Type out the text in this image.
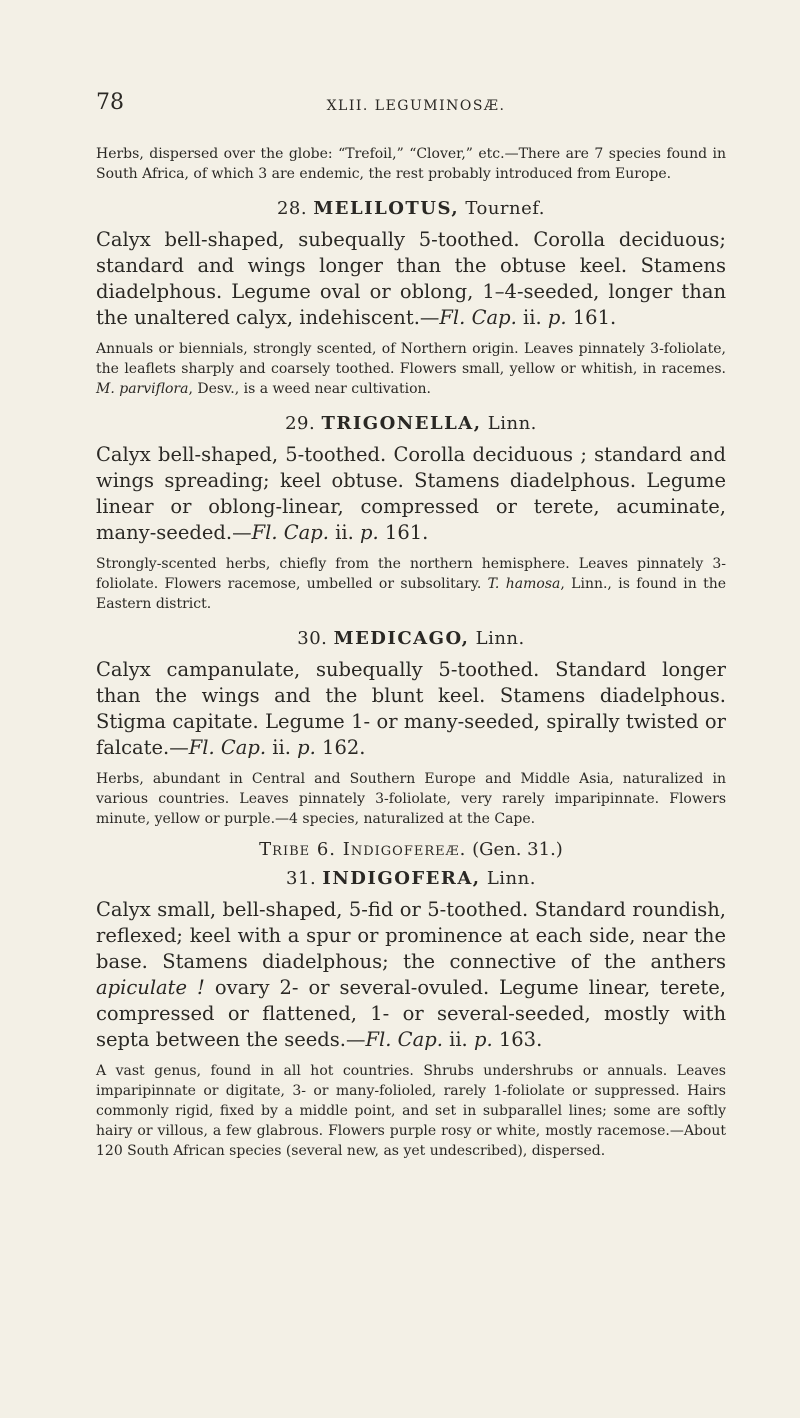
78	XLII. LEGUMINOSÆ.

Herbs, dispersed over the globe: “Trefoil,” “Clover,” etc.—There are 7 species found in South Africa, of which 3 are endemic, the rest probably introduced from Europe.

28. MELILOTUS, Tournef.

Calyx bell-shaped, subequally 5-toothed. Corolla deciduous; standard and wings longer than the obtuse keel. Stamens diadelphous. Legume oval or oblong, 1–4-seeded, longer than the unaltered calyx, indehiscent.—Fl. Cap. ii. p. 161.

Annuals or biennials, strongly scented, of Northern origin. Leaves pinnately 3-foliolate, the leaflets sharply and coarsely toothed. Flowers small, yellow or whitish, in racemes. M. parviflora, Desv., is a weed near cultivation.

29. TRIGONELLA, Linn.

Calyx bell-shaped, 5-toothed. Corolla deciduous ; standard and wings spreading; keel obtuse. Stamens diadelphous. Legume linear or oblong-linear, compressed or terete, acuminate, many-seeded.—Fl. Cap. ii. p. 161.

Strongly-scented herbs, chiefly from the northern hemisphere. Leaves pinnately 3-foliolate. Flowers racemose, umbelled or subsolitary. T. hamosa, Linn., is found in the Eastern district.

30. MEDICAGO, Linn.

Calyx campanulate, subequally 5-toothed. Standard longer than the wings and the blunt keel. Stamens diadelphous. Stigma capitate. Legume 1- or many-seeded, spirally twisted or falcate.—Fl. Cap. ii. p. 162.

Herbs, abundant in Central and Southern Europe and Middle Asia, naturalized in various countries. Leaves pinnately 3-foliolate, very rarely imparipinnate. Flowers minute, yellow or purple.—4 species, naturalized at the Cape.

Tribe 6. Indigofereæ. (Gen. 31.)

31. INDIGOFERA, Linn.

Calyx small, bell-shaped, 5-fid or 5-toothed. Standard roundish, reflexed; keel with a spur or prominence at each side, near the base. Stamens diadelphous; the connective of the anthers apiculate ! ovary 2- or several-ovuled. Legume linear, terete, compressed or flattened, 1- or several-seeded, mostly with septa between the seeds.—Fl. Cap. ii. p. 163.

A vast genus, found in all hot countries. Shrubs undershrubs or annuals. Leaves imparipinnate or digitate, 3- or many-folioled, rarely 1-foliolate or suppressed. Hairs commonly rigid, fixed by a middle point, and set in subparallel lines; some are softly hairy or villous, a few glabrous. Flowers purple rosy or white, mostly racemose.—About 120 South African species (several new, as yet undescribed), dispersed.
